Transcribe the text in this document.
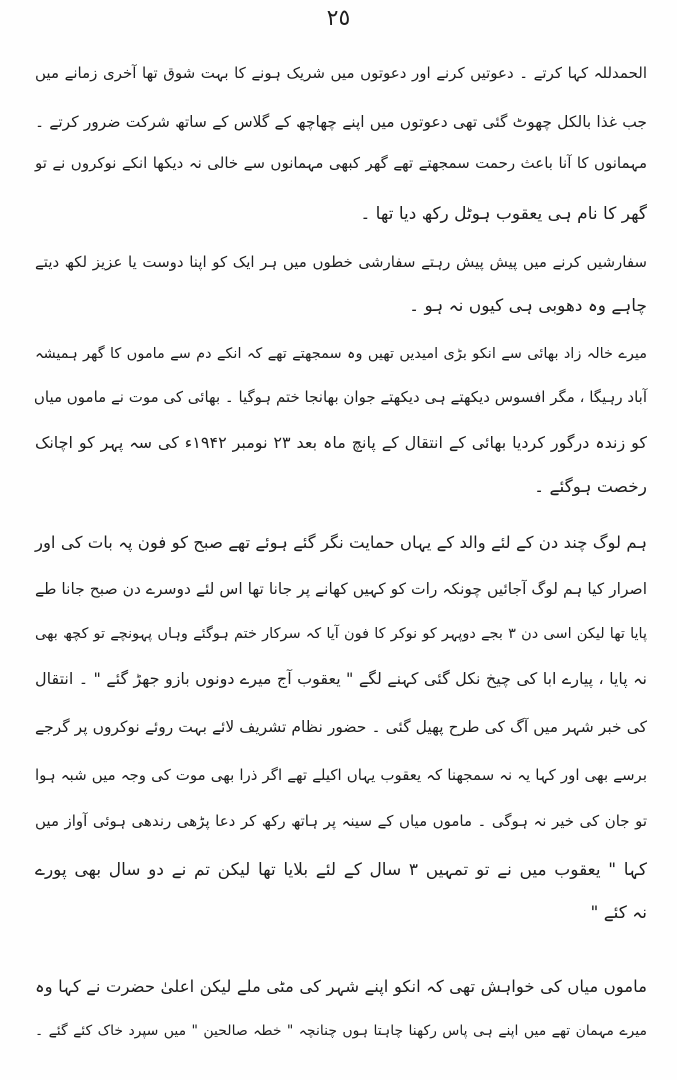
٢٥
الحمدللہ کہا کرتے ۔ دعوتیں کرنے اور دعوتوں میں شریک ہونے کا بہت شوق تھا آخری زمانے میں
جب غذا بالکل چھوٹ گئی تھی دعوتوں میں اپنے چھاچھ کے گلاس کے ساتھ شرکت ضرور کرتے ۔
مہمانوں کا آنا باعث رحمت سمجھتے تھے گھر کبھی مہمانوں سے خالی نہ دیکھا انکے نوکروں نے تو
گھر کا نام ہی یعقوب ہوٹل رکھ دیا تھا ۔
سفارشیں کرنے میں پیش پیش رہتے سفارشی خطوں میں ہر ایک کو اپنا دوست یا عزیز لکھ دیتے
چاہے وہ دھوبی ہی کیوں نہ ہو ۔
میرے خالہ زاد بھائی سے انکو بڑی امیدیں تھیں وہ سمجھتے تھے کہ انکے دم سے ماموں کا گھر ہمیشہ
آباد رہیگا ، مگر افسوس دیکھتے ہی دیکھتے جوان بھانجا ختم ہوگیا ۔ بھائی کی موت نے ماموں میاں
کو زندہ درگور کردیا بھائی کے انتقال کے پانچ ماہ بعد ۲۳ نومبر ۱۹۴۲ء کی سہ پہر کو اچانک
رخصت ہوگئے ۔
ہم لوگ چند دن کے لئے والد کے یہاں حمایت نگر گئے ہوئے تھے صبح کو فون پہ بات کی اور
اصرار کیا ہم لوگ آجائیں چونکہ رات کو کہیں کھانے پر جانا تھا اس لئے دوسرے دن صبح جانا طے
پایا تھا لیکن اسی دن ۳ بجے دوپہر کو نوکر کا فون آیا کہ سرکار ختم ہوگئے وہاں پہونچے تو کچھ بھی
نہ پایا ، پیارے ابا کی چیخ نکل گئی کہنے لگے " یعقوب آج میرے دونوں بازو جھڑ گئے " ۔ انتقال
کی خبر شہر میں آگ کی طرح پھیل گئی ۔ حضور نظام تشریف لائے بہت روئے نوکروں پر گرجے
برسے بھی اور کہا یہ نہ سمجھنا کہ یعقوب یہاں اکیلے تھے اگر ذرا بھی موت کی وجہ میں شبہ ہوا
تو جان کی خیر نہ ہوگی ۔ ماموں میاں کے سینہ پر ہاتھ رکھ کر دعا پڑھی رندھی ہوئی آواز میں
کہا " یعقوب میں نے تو تمہیں ۳ سال کے لئے بلایا تھا لیکن تم نے دو سال بھی پورے
نہ کئے "
ماموں میاں کی خواہش تھی کہ انکو اپنے شہر کی مٹی ملے لیکن اعلیٰ حضرت نے کہا وہ
میرے مہمان تھے میں اپنے ہی پاس رکھنا چاہتا ہوں چنانچہ " خطہ صالحین " میں سپرد خاک کئے گئے ۔
